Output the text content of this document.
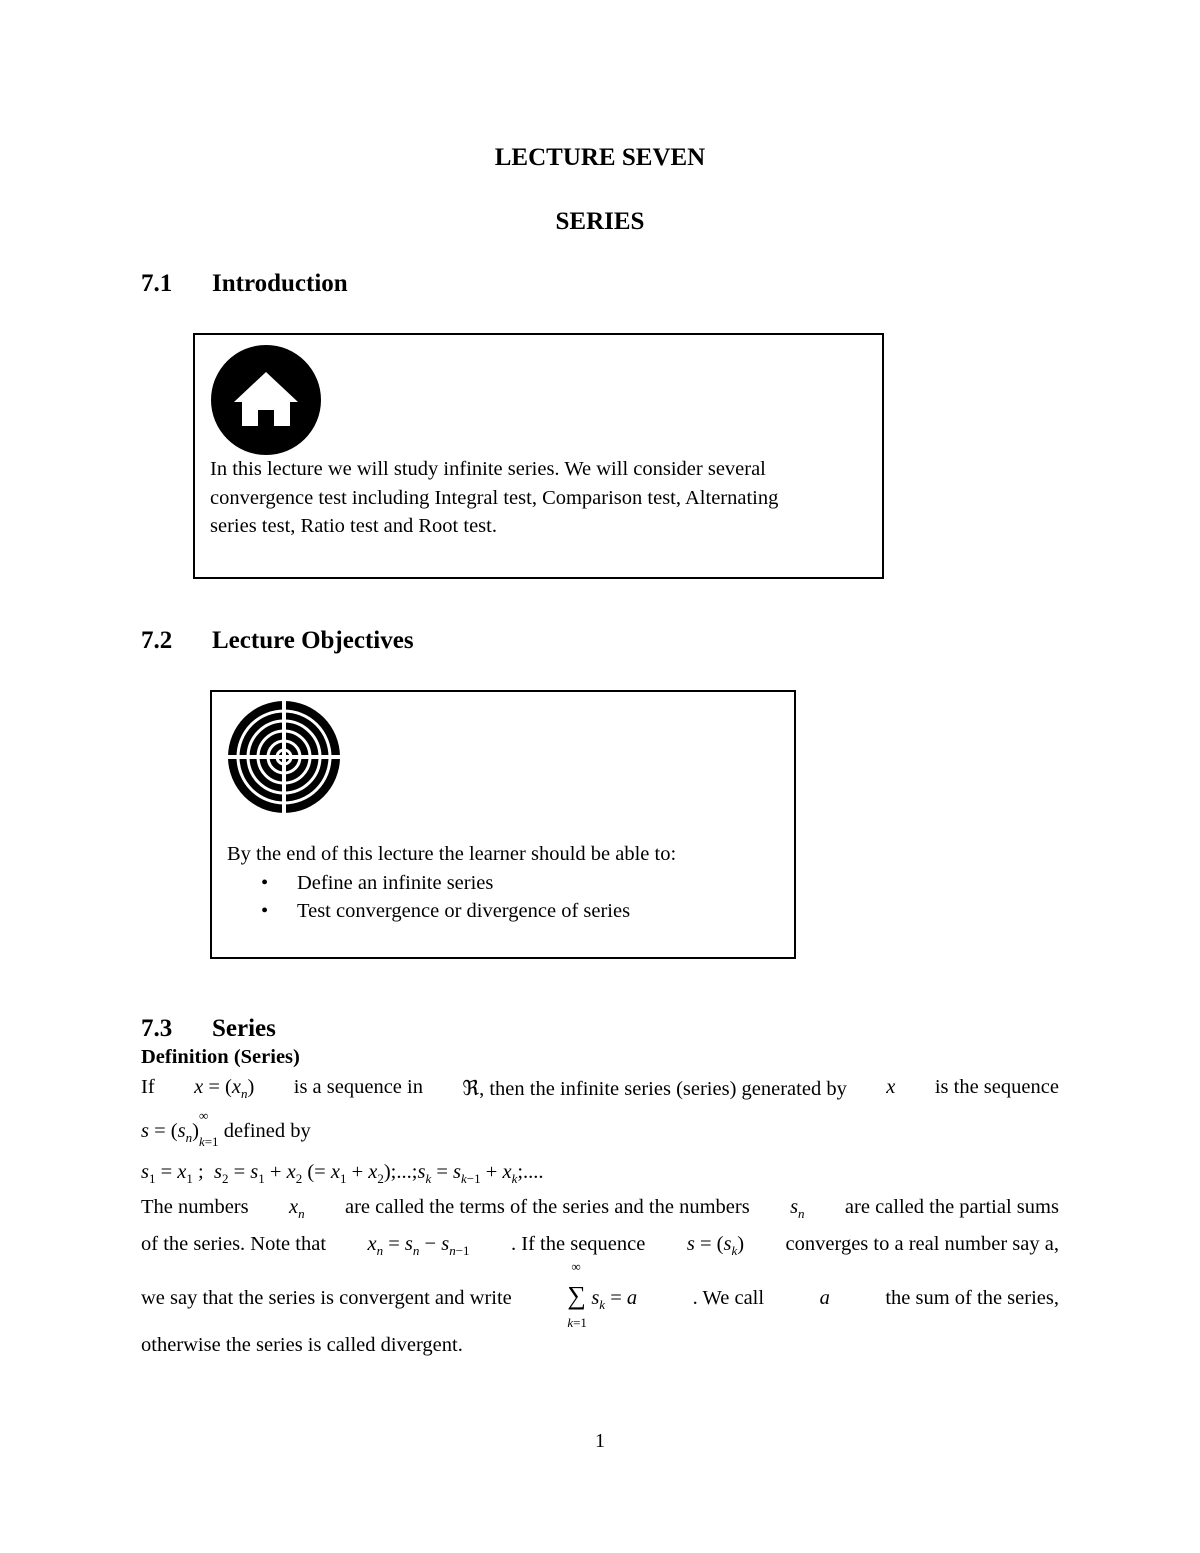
LECTURE SEVEN
SERIES
7.1 Introduction
In this lecture we will study infinite series. We will consider several
convergence test including Integral test, Comparison test, Alternating
series test, Ratio test and Root test.
7.2 Lecture Objectives
By the end of this lecture the learner should be able to:
• Define an infinite series
• Test convergence or divergence of series
7.3 Series
Definition (Series)
If $x = (x_n)$ is a sequence in ℜ, then the infinite series (series) generated by x is the sequence
$s = (s_n)$
∞
$_{k=1}$ defined by
$s_1 = x_1$ ;  $s_2 = s_1 + x_2$ (= $x_1$ + $x_2);...;s_k = s_{k-1} + x_k$;....
The numbers $x_n$ are called the terms of the series and the numbers $s_n$ are called the partial sums
of the series. Note that $x_n = s_n - s_{n-1}$ . If the sequence $s = (s_k)$ converges to a real number say a,
we say that the series is convergent and write
∞
∑
k=1
$s_k = a$	. We call	a	the sum of the series,
otherwise the series is called divergent.
1
